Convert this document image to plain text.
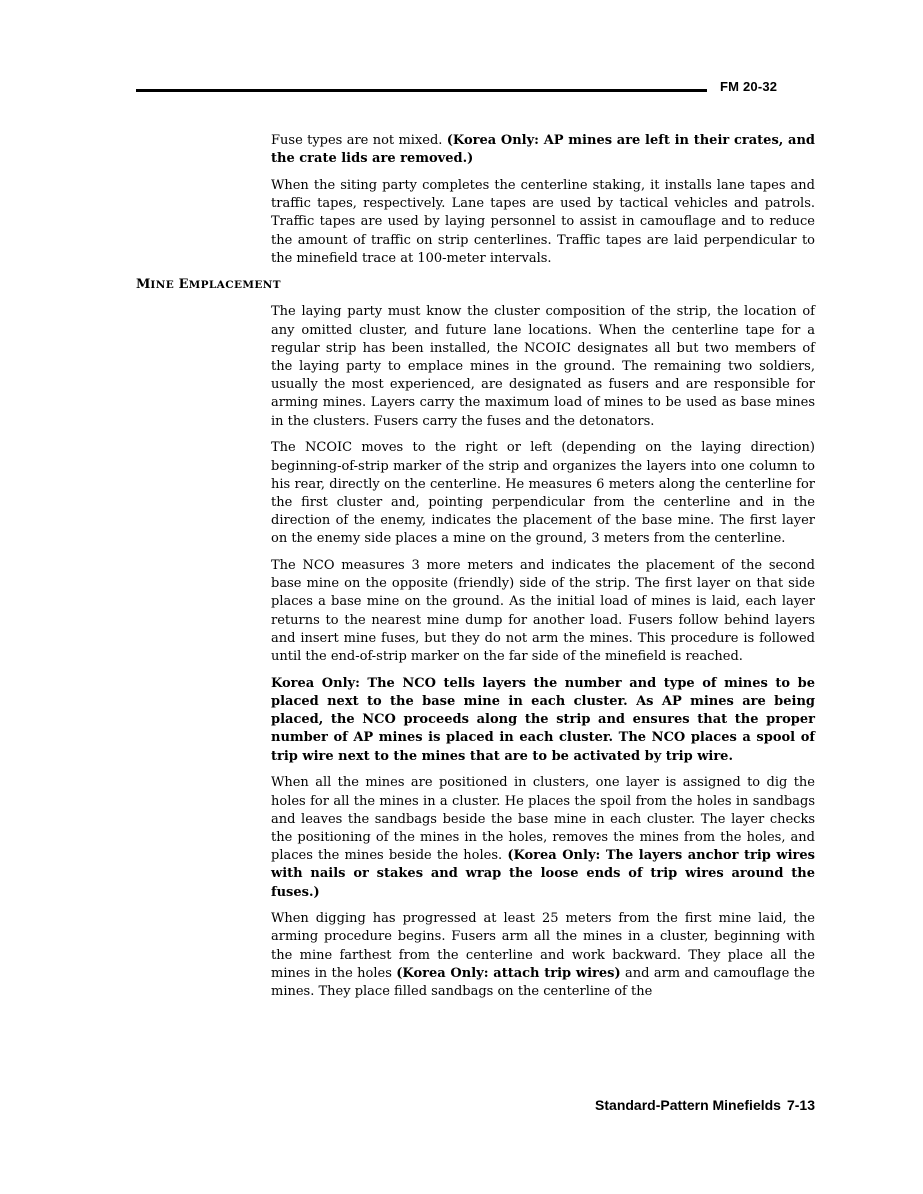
FM 20-32

Fuse types are not mixed. (Korea Only: AP mines are left in their crates, and the crate lids are removed.)

When the siting party completes the centerline staking, it installs lane tapes and traffic tapes, respectively. Lane tapes are used by tactical vehicles and patrols. Traffic tapes are used by laying personnel to assist in camouflage and to reduce the amount of traffic on strip centerlines. Traffic tapes are laid perpendicular to the minefield trace at 100-meter intervals.

MINE EMPLACEMENT

The laying party must know the cluster composition of the strip, the location of any omitted cluster, and future lane locations. When the centerline tape for a regular strip has been installed, the NCOIC designates all but two members of the laying party to emplace mines in the ground. The remaining two soldiers, usually the most experienced, are designated as fusers and are responsible for arming mines. Layers carry the maximum load of mines to be used as base mines in the clusters. Fusers carry the fuses and the detonators.

The NCOIC moves to the right or left (depending on the laying direction) beginning-of-strip marker of the strip and organizes the layers into one column to his rear, directly on the centerline. He measures 6 meters along the centerline for the first cluster and, pointing perpendicular from the centerline and in the direction of the enemy, indicates the placement of the base mine. The first layer on the enemy side places a mine on the ground, 3 meters from the centerline.

The NCO measures 3 more meters and indicates the placement of the second base mine on the opposite (friendly) side of the strip. The first layer on that side places a base mine on the ground. As the initial load of mines is laid, each layer returns to the nearest mine dump for another load. Fusers follow behind layers and insert mine fuses, but they do not arm the mines. This procedure is followed until the end-of-strip marker on the far side of the minefield is reached.

Korea Only: The NCO tells layers the number and type of mines to be placed next to the base mine in each cluster. As AP mines are being placed, the NCO proceeds along the strip and ensures that the proper number of AP mines is placed in each cluster. The NCO places a spool of trip wire next to the mines that are to be activated by trip wire.

When all the mines are positioned in clusters, one layer is assigned to dig the holes for all the mines in a cluster. He places the spoil from the holes in sandbags and leaves the sandbags beside the base mine in each cluster. The layer checks the positioning of the mines in the holes, removes the mines from the holes, and places the mines beside the holes. (Korea Only: The layers anchor trip wires with nails or stakes and wrap the loose ends of trip wires around the fuses.)

When digging has progressed at least 25 meters from the first mine laid, the arming procedure begins. Fusers arm all the mines in a cluster, beginning with the mine farthest from the centerline and work backward. They place all the mines in the holes (Korea Only: attach trip wires) and arm and camouflage the mines. They place filled sandbags on the centerline of the

Standard-Pattern Minefields 7-13
